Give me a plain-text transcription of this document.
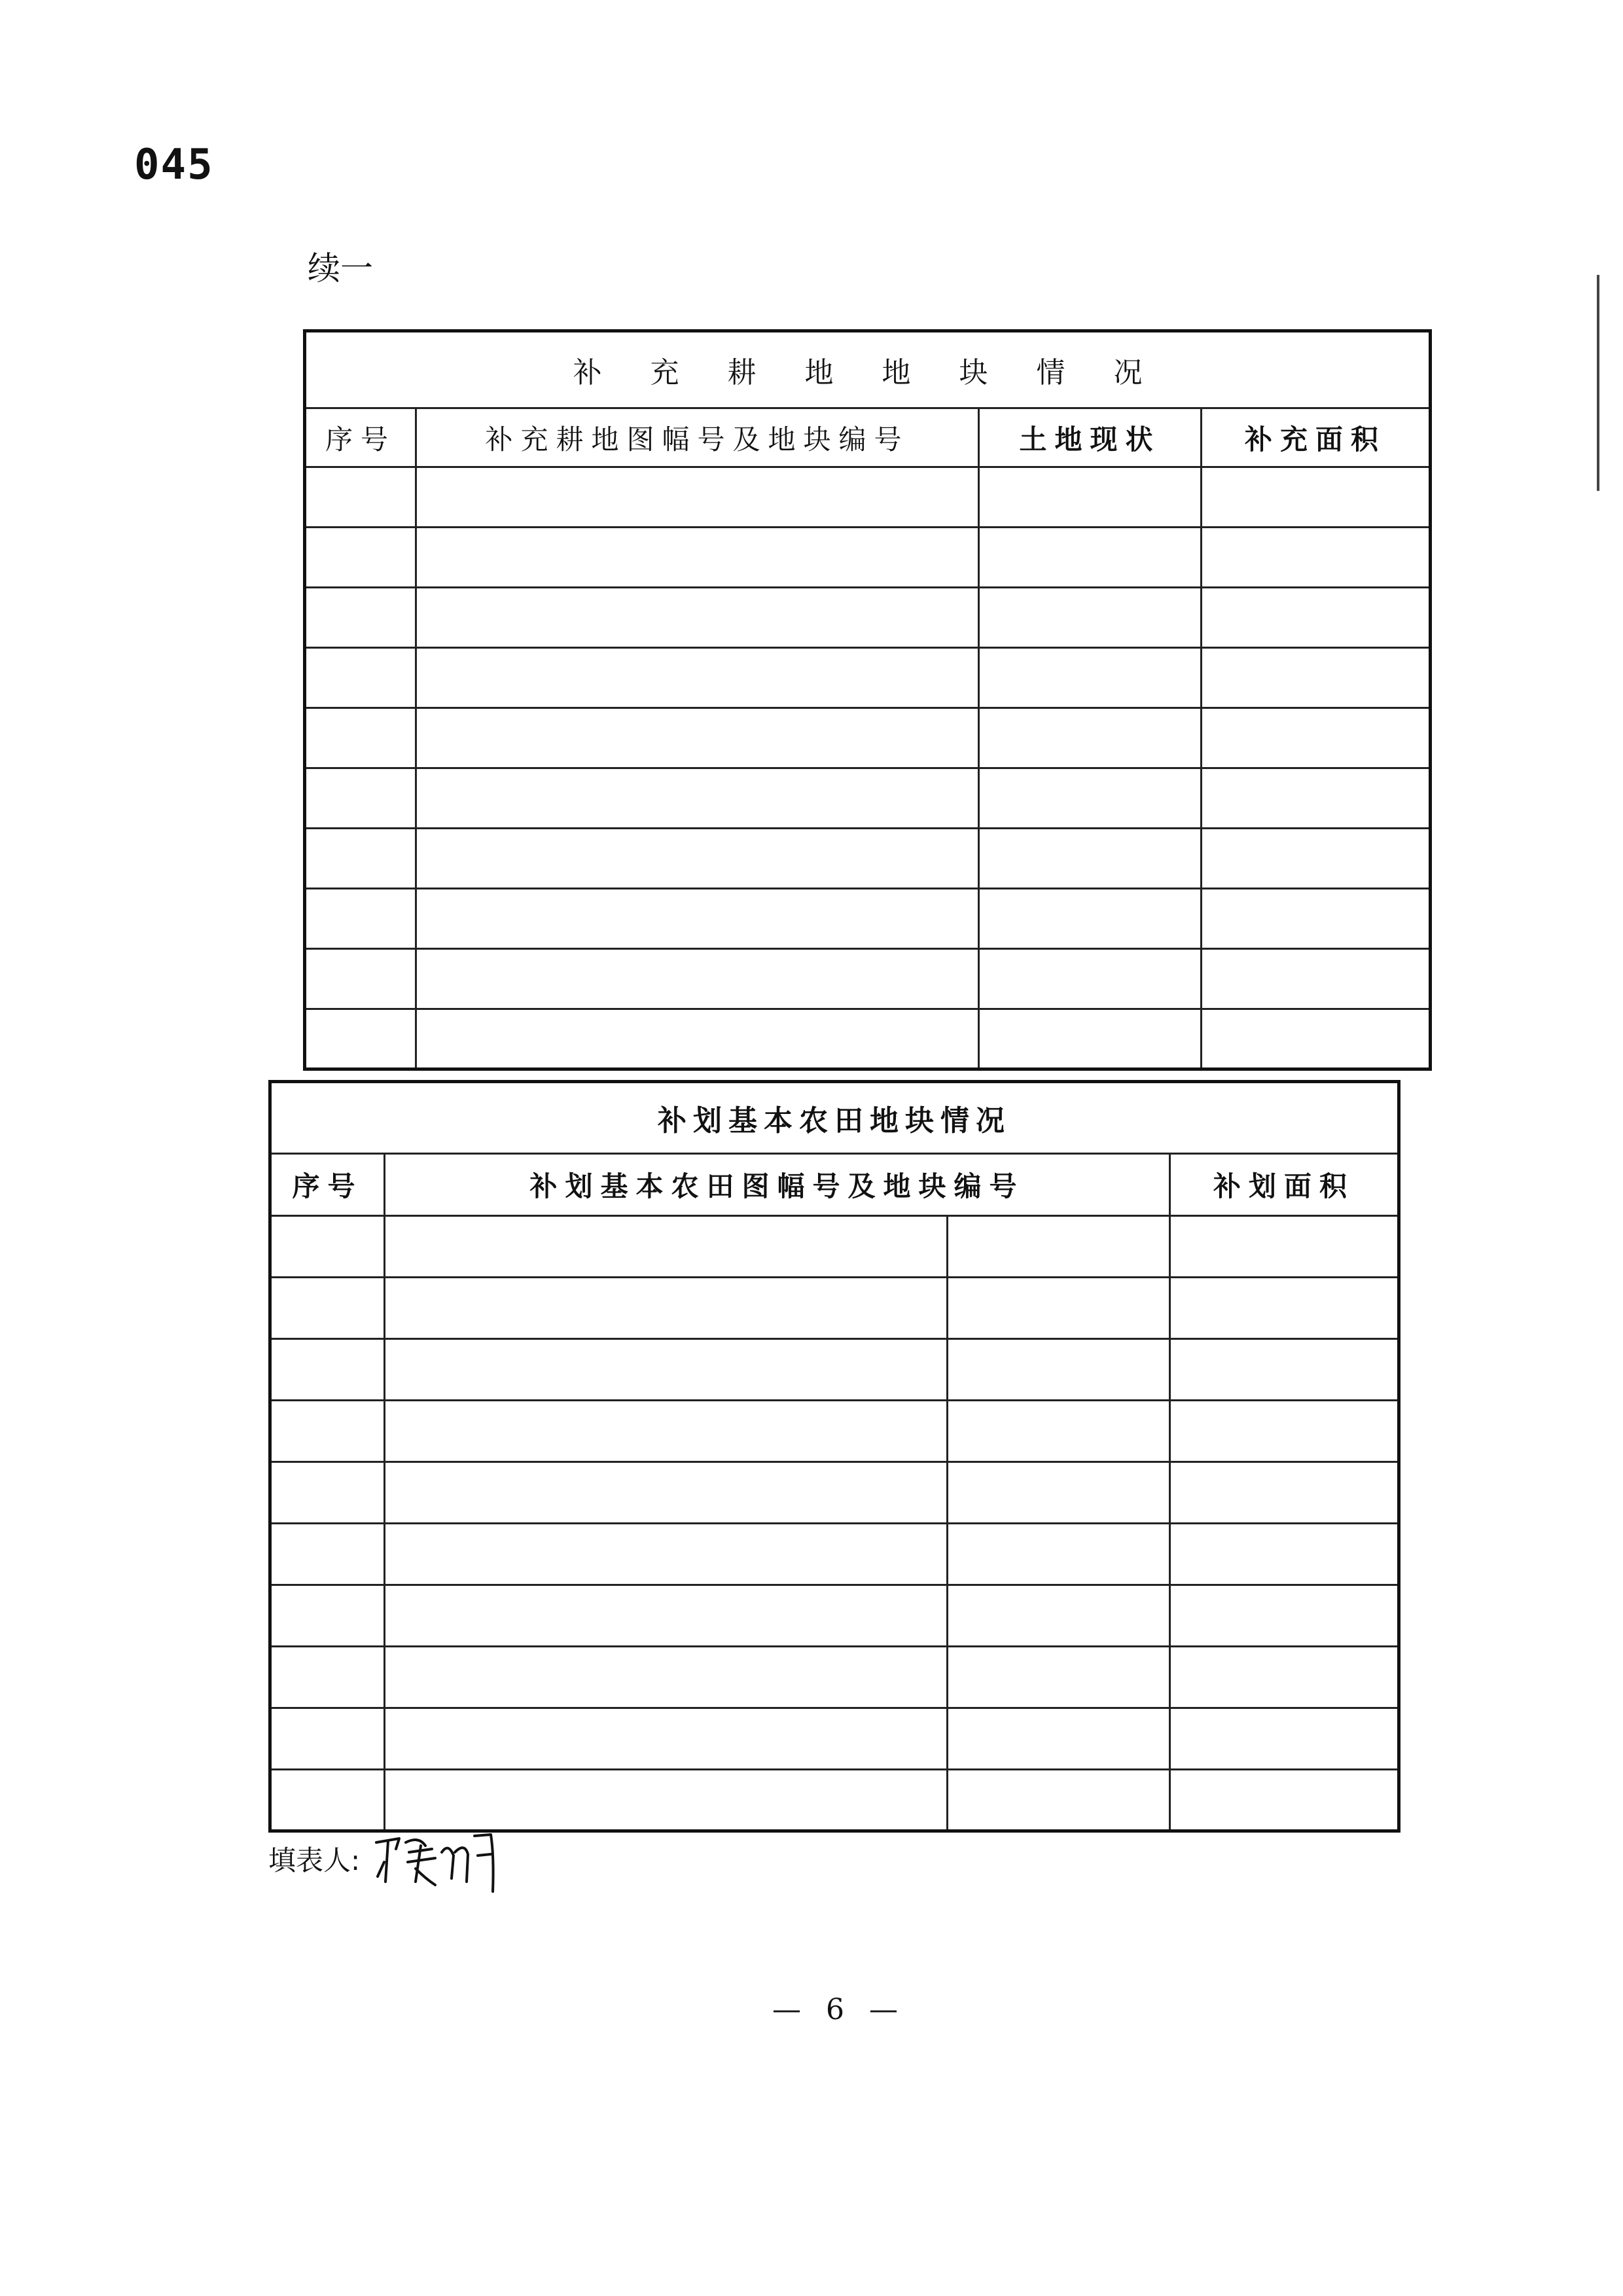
045
续一
补 充 耕 地 地 块 情 况			
序号	补充耕地图幅号及地块编号	土地现状	补充面积

补划基本农田地块情况			
序号	补划基本农田图幅号及地块编号		补划面积

填表人:
— 6 —
